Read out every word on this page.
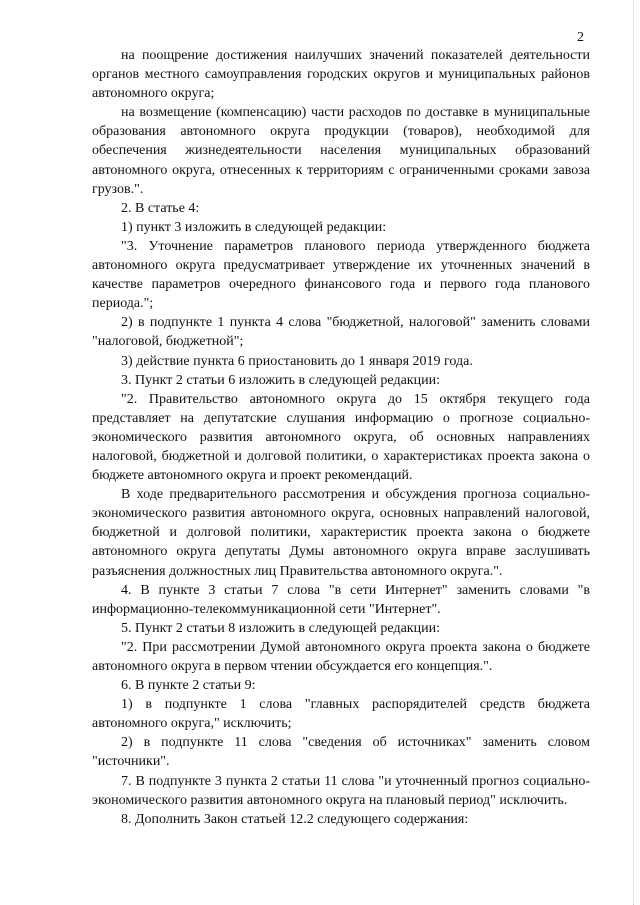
2

на поощрение достижения наилучших значений показателей деятельности органов местного самоуправления городских округов и муниципальных районов автономного округа;

на возмещение (компенсацию) части расходов по доставке в муниципальные образования автономного округа продукции (товаров), необходимой для обеспечения жизнедеятельности населения муниципальных образований автономного округа, отнесенных к территориям с ограниченными сроками завоза грузов.".

2. В статье 4:

1) пункт 3 изложить в следующей редакции:

"3. Уточнение параметров планового периода утвержденного бюджета автономного округа предусматривает утверждение их уточненных значений в качестве параметров очередного финансового года и первого года планового периода.";

2) в подпункте 1 пункта 4 слова "бюджетной, налоговой" заменить словами "налоговой, бюджетной";

3) действие пункта 6 приостановить до 1 января 2019 года.

3. Пункт 2 статьи 6 изложить в следующей редакции:

"2. Правительство автономного округа до 15 октября текущего года представляет на депутатские слушания информацию о прогнозе социально-экономического развития автономного округа, об основных направлениях налоговой, бюджетной и долговой политики, о характеристиках проекта закона о бюджете автономного округа и проект рекомендаций.

В ходе предварительного рассмотрения и обсуждения прогноза социально-экономического развития автономного округа, основных направлений налоговой, бюджетной и долговой политики, характеристик проекта закона о бюджете автономного округа депутаты Думы автономного округа вправе заслушивать разъяснения должностных лиц Правительства автономного округа.".

4. В пункте 3 статьи 7 слова "в сети Интернет" заменить словами "в информационно-телекоммуникационной сети "Интернет".

5. Пункт 2 статьи 8 изложить в следующей редакции:

"2. При рассмотрении Думой автономного округа проекта закона о бюджете автономного округа в первом чтении обсуждается его концепция.".

6. В пункте 2 статьи 9:

1) в подпункте 1 слова "главных распорядителей средств бюджета автономного округа," исключить;

2) в подпункте 11 слова "сведения об источниках" заменить словом "источники".

7. В подпункте 3 пункта 2 статьи 11 слова "и уточненный прогноз социально-экономического развития автономного округа на плановый период" исключить.

8. Дополнить Закон статьей 12.2 следующего содержания:
